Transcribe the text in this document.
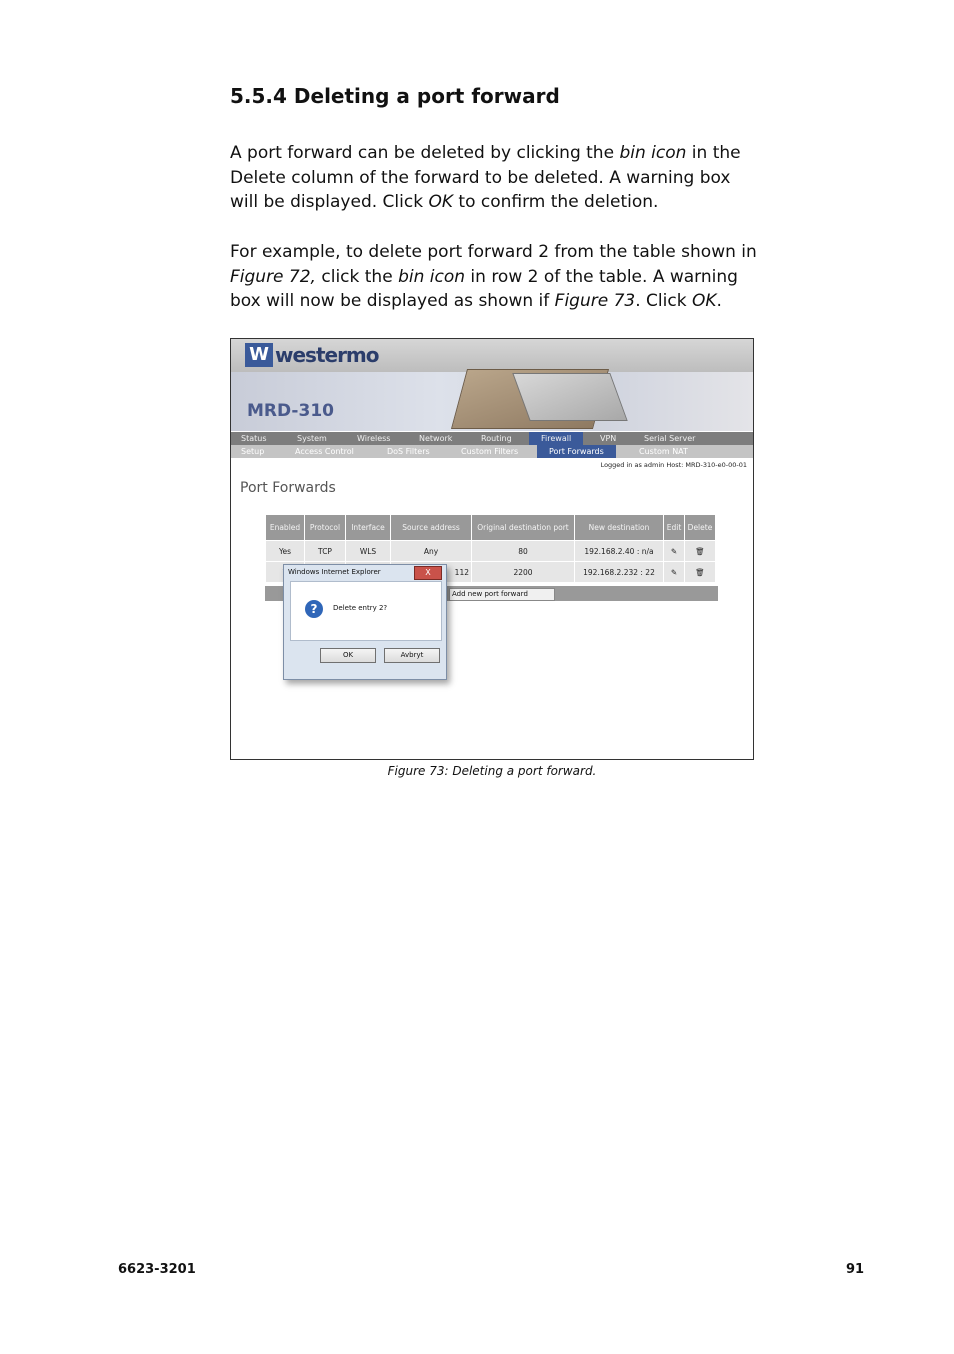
5.5.4 Deleting a port forward
A port forward can be deleted by clicking the bin icon in the Delete column of the forward to be deleted. A warning box will be displayed. Click OK to confirm the deletion.
For example, to delete port forward 2 from the table shown in Figure 72, click the bin icon in row 2 of the table. A warning box will now be displayed as shown if Figure 73. Click OK.
W westermo
MRD-310
Status	System	Wireless	Network	Routing	Firewall	VPN	Serial Server
Setup	Access Control	DoS Filters	Custom Filters	Port Forwards	Custom NAT
Logged in as admin Host: MRD-310-e0-00-01
Port Forwards
Enabled	Protocol	Interface	Source address	Original destination port	New destination	Edit	Delete
Yes	TCP	WLS	Any	80	192.168.2.40 : n/a	✎	🗑
			112	2200	192.168.2.232 : 22	✎	🗑
Add new port forward
Windows Internet Explorer	X
?	Delete entry 2?
OK	Avbryt
Figure 73: Deleting a port forward.
6623-3201	91
